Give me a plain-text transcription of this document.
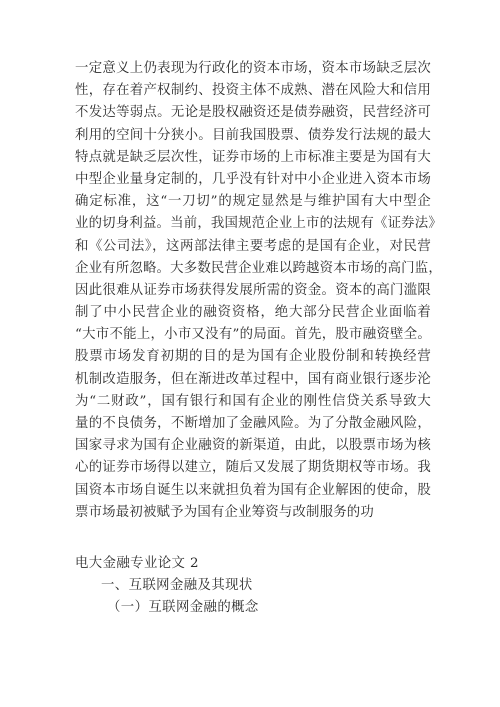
一定意义上仍表现为行政化的资本市场，资本市场缺乏层次
性，存在着产权制约、投资主体不成熟、潜在风险大和信用
不发达等弱点。无论是股权融资还是债券融资，民营经济可
利用的空间十分狭小。目前我国股票、债券发行法规的最大
特点就是缺乏层次性，证券市场的上市标准主要是为国有大
中型企业量身定制的，几乎没有针对中小企业进入资本市场
确定标准，这“一刀切”的规定显然是与维护国有大中型企
业的切身利益。当前，我国规范企业上市的法规有《证券法》
和《公司法》，这两部法律主要考虑的是国有企业，对民营
企业有所忽略。大多数民营企业难以跨越资本市场的高门监，
因此很难从证券市场获得发展所需的资金。资本的高门滥限
制了中小民营企业的融资资格，绝大部分民营企业面临着
“大市不能上，小市又没有”的局面。首先，股市融资壁全。
股票市场发育初期的目的是为国有企业股份制和转换经营
机制改造服务，但在渐进改革过程中，国有商业银行逐步沦
为“二财政”，国有银行和国有企业的刚性信贷关系导致大
量的不良债务，不断增加了金融风险。为了分散金融风险，
国家寻求为国有企业融资的新渠道，由此，以股票市场为核
心的证券市场得以建立，随后又发展了期货期权等市场。我
国资本市场自诞生以来就担负着为国有企业解困的使命，股
票市场最初被赋予为国有企业筹资与改制服务的功
电大金融专业论文 2
一、互联网金融及其现状
（一）互联网金融的概念
